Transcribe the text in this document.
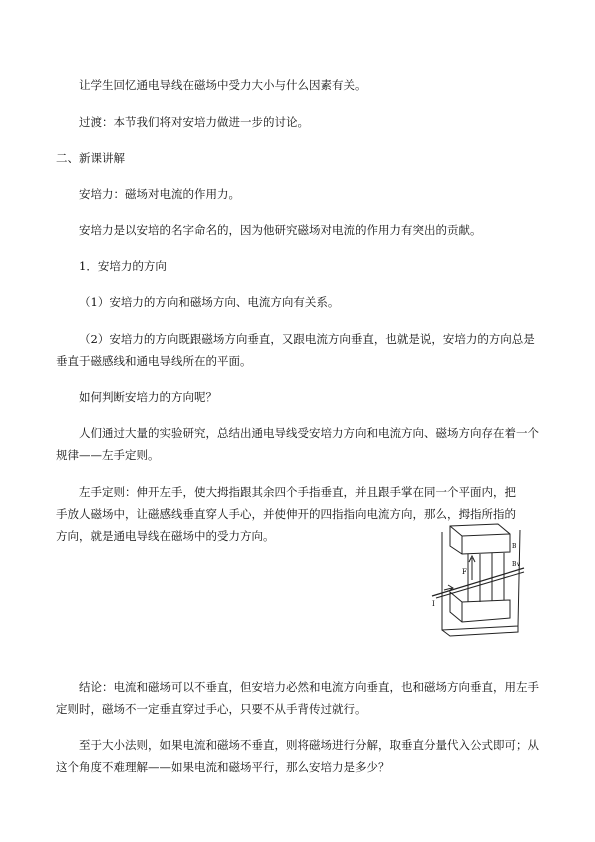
让学生回忆通电导线在磁场中受力大小与什么因素有关。

过渡：本节我们将对安培力做进一步的讨论。

二、新课讲解

安培力：磁场对电流的作用力。

安培力是以安培的名字命名的，因为他研究磁场对电流的作用力有突出的贡献。

1．安培力的方向

（1）安培力的方向和磁场方向、电流方向有关系。

（2）安培力的方向既跟磁场方向垂直，又跟电流方向垂直，也就是说，安培力的方向总是垂直于磁感线和通电导线所在的平面。

如何判断安培力的方向呢？

人们通过大量的实验研究，总结出通电导线受安培力方向和电流方向、磁场方向存在着一个规律——左手定则。

左手定则：伸开左手，使大拇指跟其余四个手指垂直，并且跟手掌在同一个平面内，把手放人磁场中，让磁感线垂直穿人手心，并使伸开的四指指向电流方向，那么，拇指所指的方向，就是通电导线在磁场中的受力方向。

F
I
B
B∨

结论：电流和磁场可以不垂直，但安培力必然和电流方向垂直，也和磁场方向垂直，用左手定则时，磁场不一定垂直穿过手心，只要不从手背传过就行。

至于大小法则，如果电流和磁场不垂直，则将磁场进行分解，取垂直分量代入公式即可；从这个角度不难理解——如果电流和磁场平行，那么安培力是多少？
